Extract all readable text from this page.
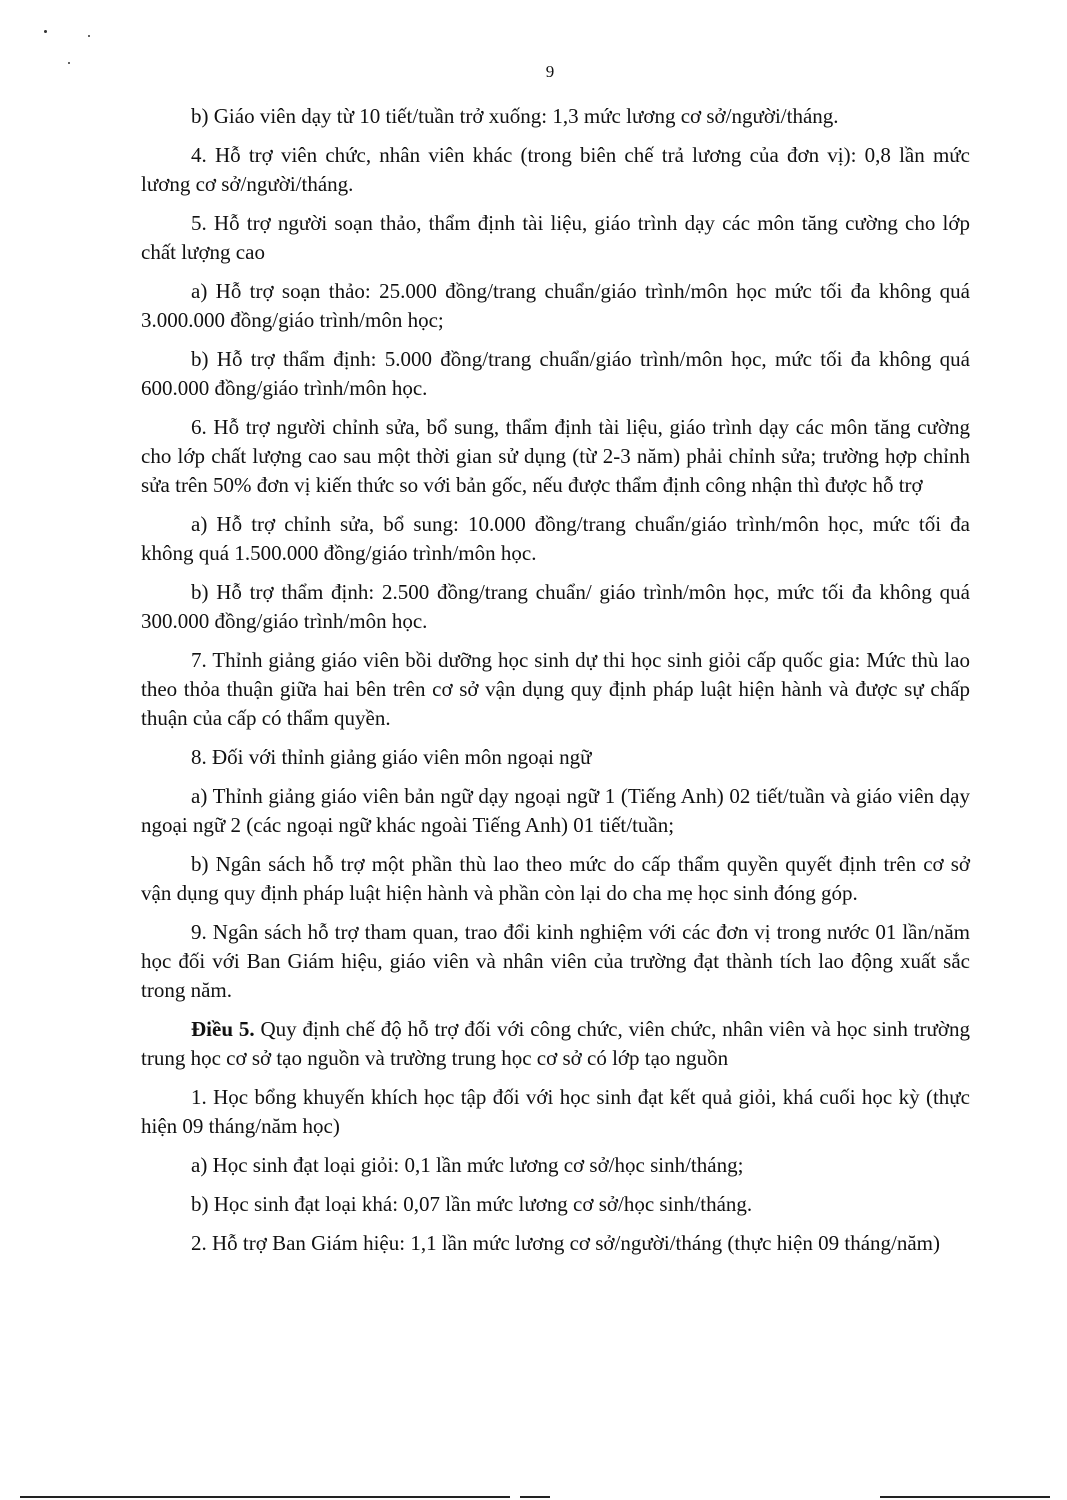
9

b) Giáo viên dạy từ 10 tiết/tuần trở xuống: 1,3 mức lương cơ sở/người/tháng.

4. Hỗ trợ viên chức, nhân viên khác (trong biên chế trả lương của đơn vị): 0,8 lần mức lương cơ sở/người/tháng.

5. Hỗ trợ người soạn thảo, thẩm định tài liệu, giáo trình dạy các môn tăng cường cho lớp chất lượng cao

a) Hỗ trợ soạn thảo: 25.000 đồng/trang chuẩn/giáo trình/môn học mức tối đa không quá 3.000.000 đồng/giáo trình/môn học;

b) Hỗ trợ thẩm định: 5.000 đồng/trang chuẩn/giáo trình/môn học, mức tối đa không quá 600.000 đồng/giáo trình/môn học.

6. Hỗ trợ người chỉnh sửa, bổ sung, thẩm định tài liệu, giáo trình dạy các môn tăng cường cho lớp chất lượng cao sau một thời gian sử dụng (từ 2-3 năm) phải chỉnh sửa; trường hợp chỉnh sửa trên 50% đơn vị kiến thức so với bản gốc, nếu được thẩm định công nhận thì được hỗ trợ

a) Hỗ trợ chỉnh sửa, bổ sung: 10.000 đồng/trang chuẩn/giáo trình/môn học, mức tối đa không quá 1.500.000 đồng/giáo trình/môn học.

b) Hỗ trợ thẩm định: 2.500 đồng/trang chuẩn/ giáo trình/môn học, mức tối đa không quá 300.000 đồng/giáo trình/môn học.

7. Thỉnh giảng giáo viên bồi dưỡng học sinh dự thi học sinh giỏi cấp quốc gia: Mức thù lao theo thỏa thuận giữa hai bên trên cơ sở vận dụng quy định pháp luật hiện hành và được sự chấp thuận của cấp có thẩm quyền.

8. Đối với thỉnh giảng giáo viên môn ngoại ngữ

a) Thỉnh giảng giáo viên bản ngữ dạy ngoại ngữ 1 (Tiếng Anh) 02 tiết/tuần và giáo viên dạy ngoại ngữ 2 (các ngoại ngữ khác ngoài Tiếng Anh) 01 tiết/tuần;

b) Ngân sách hỗ trợ một phần thù lao theo mức do cấp thẩm quyền quyết định trên cơ sở vận dụng quy định pháp luật hiện hành và phần còn lại do cha mẹ học sinh đóng góp.

9. Ngân sách hỗ trợ tham quan, trao đổi kinh nghiệm với các đơn vị trong nước 01 lần/năm học đối với Ban Giám hiệu, giáo viên và nhân viên của trường đạt thành tích lao động xuất sắc trong năm.

Điều 5. Quy định chế độ hỗ trợ đối với công chức, viên chức, nhân viên và học sinh trường trung học cơ sở tạo nguồn và trường trung học cơ sở có lớp tạo nguồn

1. Học bổng khuyến khích học tập đối với học sinh đạt kết quả giỏi, khá cuối học kỳ (thực hiện 09 tháng/năm học)

a) Học sinh đạt loại giỏi: 0,1 lần mức lương cơ sở/học sinh/tháng;

b) Học sinh đạt loại khá: 0,07 lần mức lương cơ sở/học sinh/tháng.

2. Hỗ trợ Ban Giám hiệu: 1,1 lần mức lương cơ sở/người/tháng (thực hiện 09 tháng/năm)
